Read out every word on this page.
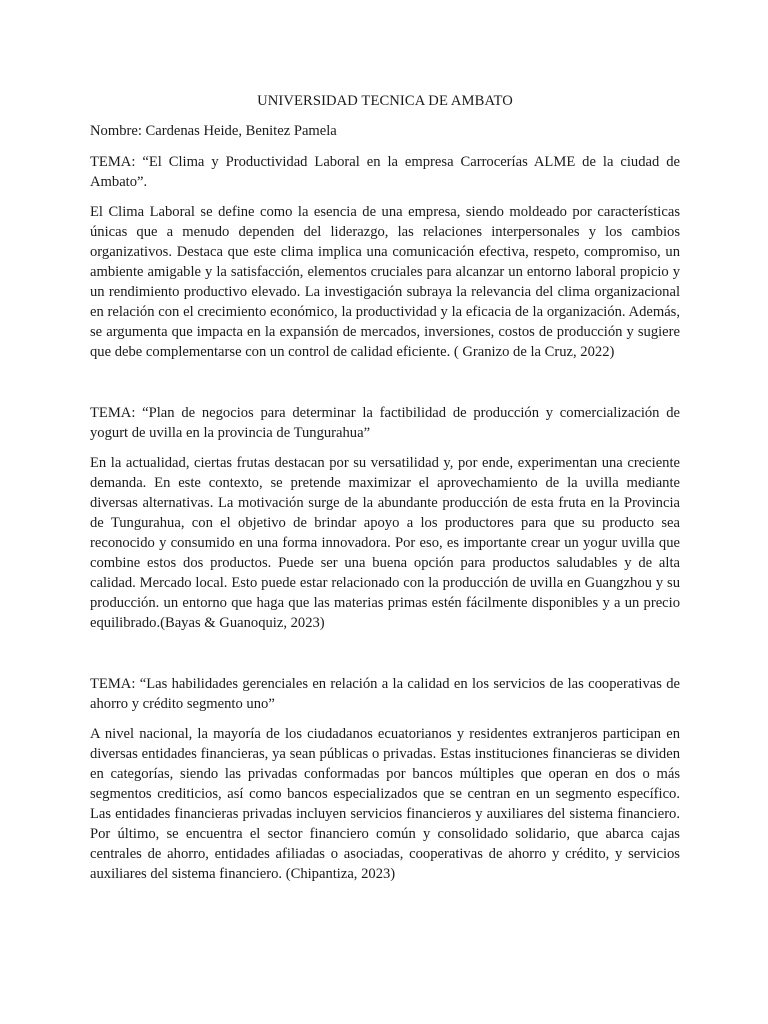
UNIVERSIDAD TECNICA DE AMBATO
Nombre: Cardenas Heide, Benitez Pamela
TEMA: “El Clima y Productividad Laboral en la empresa Carrocerías ALME de la ciudad de Ambato”.
El Clima Laboral se define como la esencia de una empresa, siendo moldeado por características únicas que a menudo dependen del liderazgo, las relaciones interpersonales y los cambios organizativos. Destaca que este clima implica una comunicación efectiva, respeto, compromiso, un ambiente amigable y la satisfacción, elementos cruciales para alcanzar un entorno laboral propicio y un rendimiento productivo elevado. La investigación subraya la relevancia del clima organizacional en relación con el crecimiento económico, la productividad y la eficacia de la organización. Además, se argumenta que impacta en la expansión de mercados, inversiones, costos de producción y sugiere que debe complementarse con un control de calidad eficiente. ( Granizo de la Cruz, 2022)
TEMA: “Plan de negocios para determinar la factibilidad de producción y comercialización de yogurt de uvilla en la provincia de Tungurahua”
En la actualidad, ciertas frutas destacan por su versatilidad y, por ende, experimentan una creciente demanda. En este contexto, se pretende maximizar el aprovechamiento de la uvilla mediante diversas alternativas. La motivación surge de la abundante producción de esta fruta en la Provincia de Tungurahua, con el objetivo de brindar apoyo a los productores para que su producto sea reconocido y consumido en una forma innovadora. Por eso, es importante crear un yogur uvilla que combine estos dos productos. Puede ser una buena opción para productos saludables y de alta calidad. Mercado local. Esto puede estar relacionado con la producción de uvilla en Guangzhou y su producción. un entorno que haga que las materias primas estén fácilmente disponibles y a un precio equilibrado.(Bayas & Guanoquiz, 2023)
TEMA: “Las habilidades gerenciales en relación a la calidad en los servicios de las cooperativas de ahorro y crédito segmento uno”
A nivel nacional, la mayoría de los ciudadanos ecuatorianos y residentes extranjeros participan en diversas entidades financieras, ya sean públicas o privadas. Estas instituciones financieras se dividen en categorías, siendo las privadas conformadas por bancos múltiples que operan en dos o más segmentos crediticios, así como bancos especializados que se centran en un segmento específico. Las entidades financieras privadas incluyen servicios financieros y auxiliares del sistema financiero. Por último, se encuentra el sector financiero común y consolidado solidario, que abarca cajas centrales de ahorro, entidades afiliadas o asociadas, cooperativas de ahorro y crédito, y servicios auxiliares del sistema financiero. (Chipantiza, 2023)
